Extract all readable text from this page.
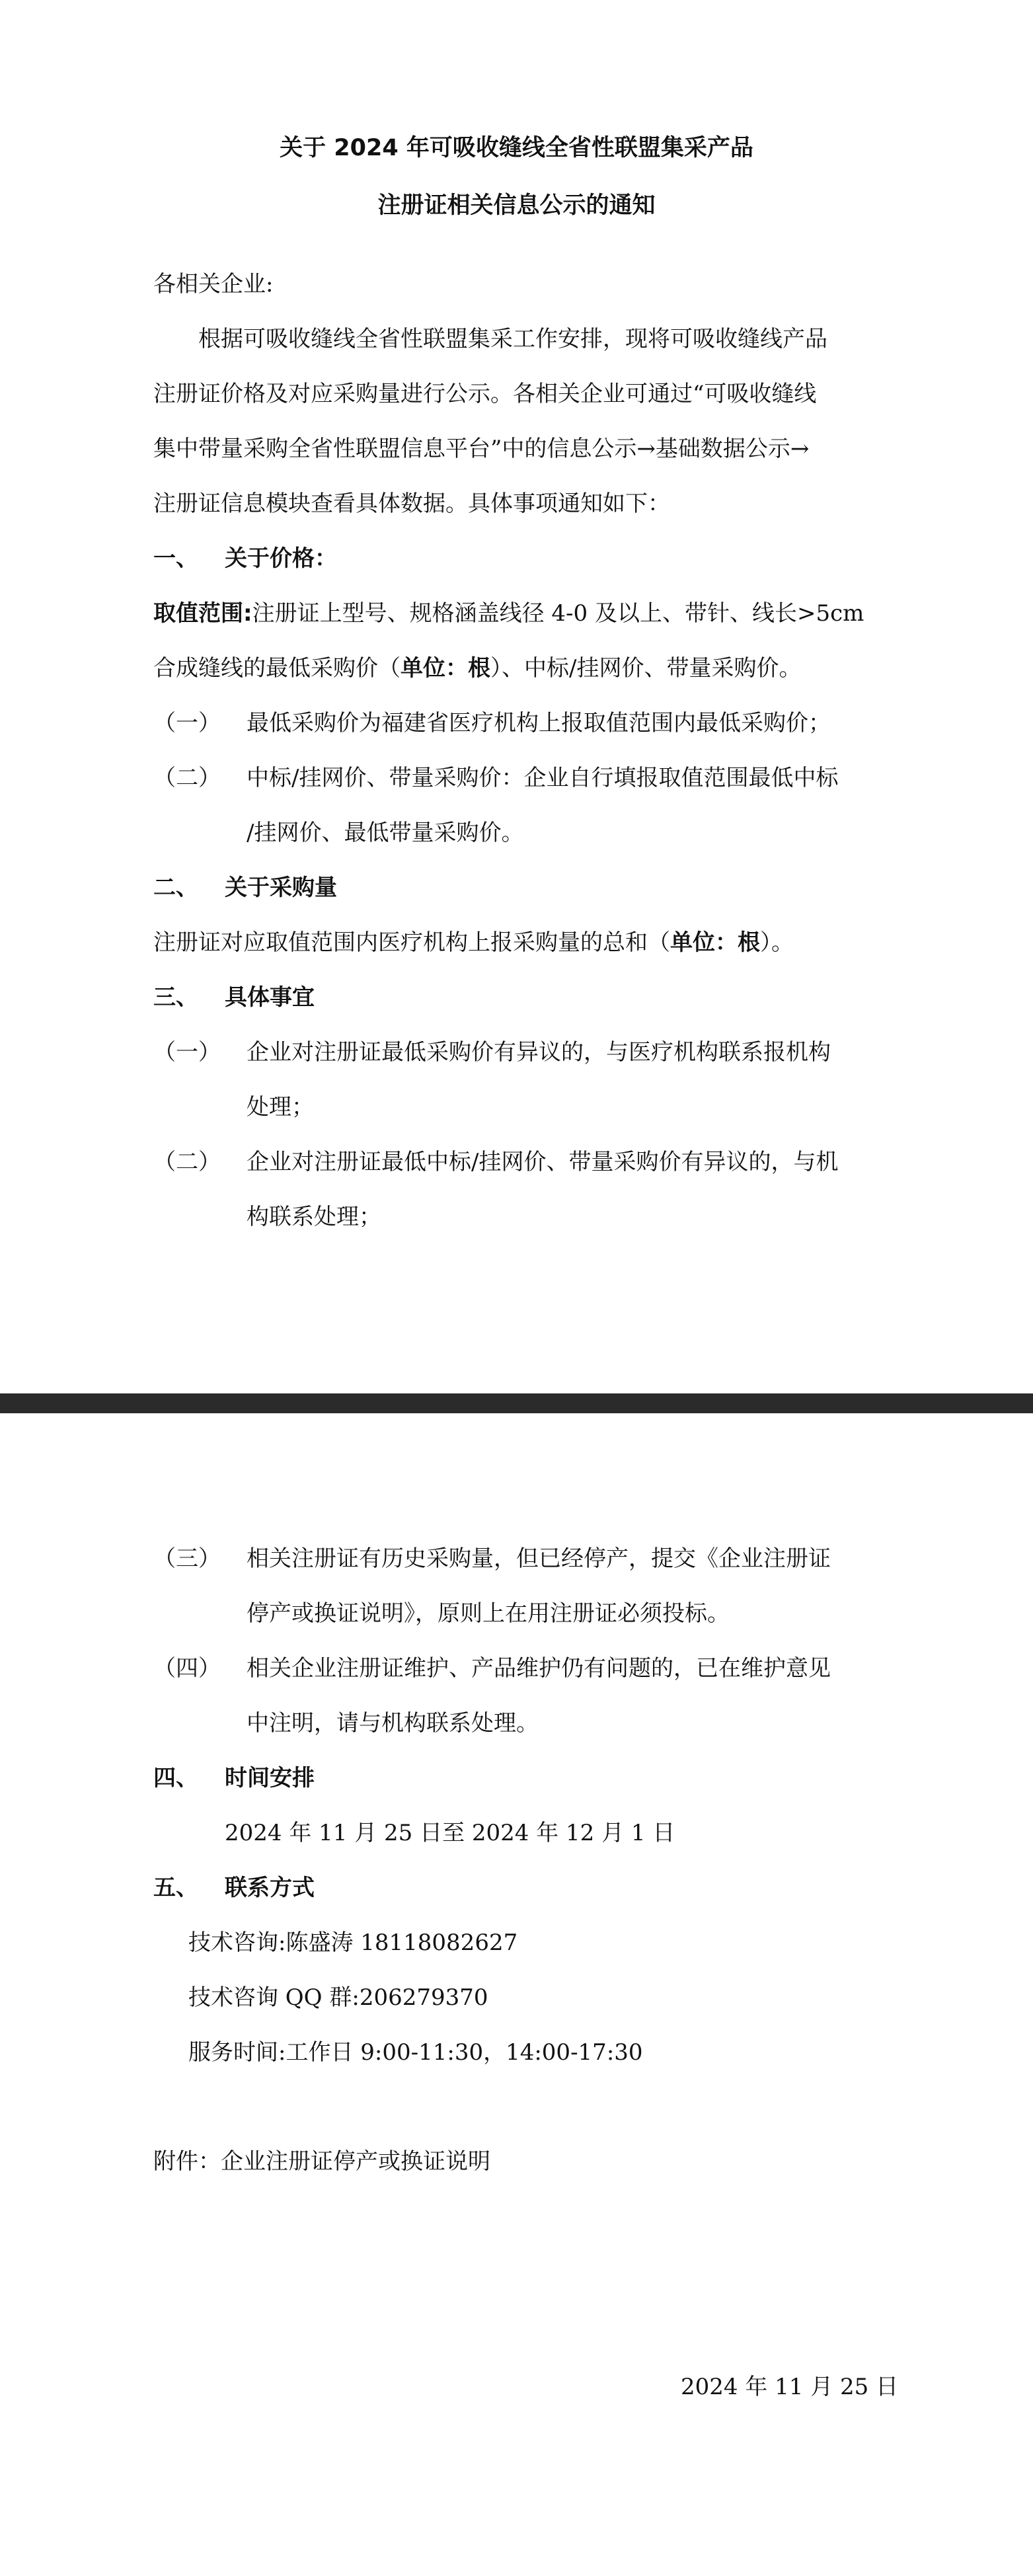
关于 2024 年可吸收缝线全省性联盟集采产品
注册证相关信息公示的通知
各相关企业:
根据可吸收缝线全省性联盟集采工作安排，现将可吸收缝线产品
注册证价格及对应采购量进行公示。各相关企业可通过“可吸收缝线
集中带量采购全省性联盟信息平台”中的信息公示→基础数据公示→
注册证信息模块查看具体数据。具体事项通知如下：
一、 关于价格：
取值范围:注册证上型号、规格涵盖线径 4-0 及以上、带针、线长>5cm
合成缝线的最低采购价（单位：根）、中标/挂网价、带量采购价。
（一） 最低采购价为福建省医疗机构上报取值范围内最低采购价；
（二） 中标/挂网价、带量采购价：企业自行填报取值范围最低中标
/挂网价、最低带量采购价。
二、 关于采购量
注册证对应取值范围内医疗机构上报采购量的总和（单位：根）。
三、 具体事宜
（一） 企业对注册证最低采购价有异议的，与医疗机构联系报机构
处理；
（二） 企业对注册证最低中标/挂网价、带量采购价有异议的，与机
构联系处理；
（三） 相关注册证有历史采购量，但已经停产，提交《企业注册证
停产或换证说明》，原则上在用注册证必须投标。
（四） 相关企业注册证维护、产品维护仍有问题的，已在维护意见
中注明，请与机构联系处理。
四、 时间安排
2024 年 11 月 25 日至 2024 年 12 月 1 日
五、 联系方式
技术咨询:陈盛涛 18118082627
技术咨询 QQ 群:206279370
服务时间:工作日 9:00-11:30，14:00-17:30
附件：企业注册证停产或换证说明
2024 年 11 月 25 日
